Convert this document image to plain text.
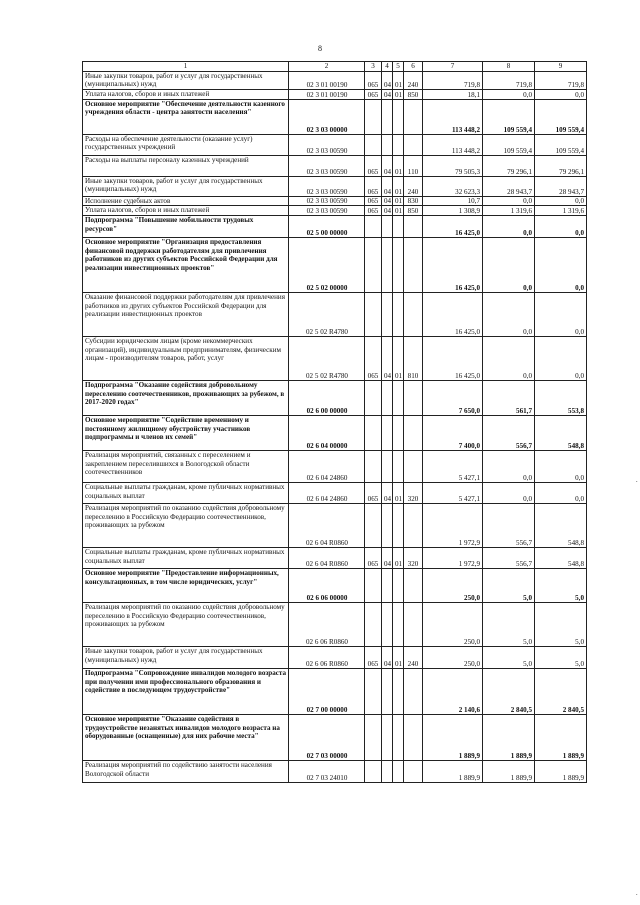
8
1	2	3	4	5	6	7	8	9
Иные закупки товаров, работ и услуг для государственных (муниципальных) нужд	02 3 01 00190	065	04	01	240	719,8	719,8	719,8
Уплата налогов, сборов и иных платежей	02 3 01 00190	065	04	01	850	18,1	0,0	0,0
Основное мероприятие "Обеспечение деятельности казенного учреждения области - центра занятости населения"	02 3 03 00000					113 448,2	109 559,4	109 559,4
Расходы на обеспечение деятельности (оказание услуг) государственных учреждений	02 3 03 00590					113 448,2	109 559,4	109 559,4
Расходы на выплаты персоналу казенных учреждений	02 3 03 00590	065	04	01	110	79 505,3	79 296,1	79 296,1
Иные закупки товаров, работ и услуг для государственных (муниципальных) нужд	02 3 03 00590	065	04	01	240	32 623,3	28 943,7	28 943,7
Исполнение судебных актов	02 3 03 00590	065	04	01	830	10,7	0,0	0,0
Уплата налогов, сборов и иных платежей	02 3 03 00590	065	04	01	850	1 308,9	1 319,6	1 319,6
Подпрограмма "Повышение мобильности трудовых ресурсов"	02 5 00 00000					16 425,0	0,0	0,0
Основное мероприятие "Организация предоставления финансовой поддержки работодателям для привлечения работников из других субъектов Российской Федерации для реализации инвестиционных проектов"	02 5 02 00000					16 425,0	0,0	0,0
Оказание финансовой поддержки работодателям для привлечения работников из других субъектов Российской Федерации для реализации инвестиционных проектов	02 5 02 R4780					16 425,0	0,0	0,0
Субсидии юридическим лицам (кроме некоммерческих организаций), индивидуальным предпринимателям, физическим лицам - производителям товаров, работ, услуг	02 5 02 R4780	065	04	01	810	16 425,0	0,0	0,0
Подпрограмма "Оказание содействия добровольному переселению соотечественников, проживающих за рубежом, в 2017-2020 годах"	02 6 00 00000					7 650,0	561,7	553,8
Основное мероприятие "Содействие временному и постоянному жилищному обустройству участников подпрограммы и членов их семей"	02 6 04 00000					7 400,0	556,7	548,8
Реализация мероприятий, связанных с переселением и закреплением переселившихся в Вологодской области соотечественников	02 6 04 24860					5 427,1	0,0	0,0
Социальные выплаты гражданам, кроме публичных нормативных социальных выплат	02 6 04 24860	065	04	01	320	5 427,1	0,0	0,0
Реализация мероприятий по оказанию содействия добровольному переселению в Российскую Федерацию соотечественников, проживающих за рубежом	02 6 04 R0860					1 972,9	556,7	548,8
Социальные выплаты гражданам, кроме публичных нормативных социальных выплат	02 6 04 R0860	065	04	01	320	1 972,9	556,7	548,8
Основное мероприятие "Предоставление информационных, консультационных, в том числе юридических, услуг"	02 6 06 00000					250,0	5,0	5,0
Реализация мероприятий по оказанию содействия добровольному переселению в Российскую Федерацию соотечественников, проживающих за рубежом	02 6 06 R0860					250,0	5,0	5,0
Иные закупки товаров, работ и услуг для государственных (муниципальных) нужд	02 6 06 R0860	065	04	01	240	250,0	5,0	5,0
Подпрограмма "Сопровождение инвалидов молодого возраста при получении ими профессионального образования и содействие в последующем трудоустройстве"	02 7 00 00000					2 140,6	2 840,5	2 840,5
Основное мероприятие "Оказание содействия в трудоустройстве незанятых инвалидов молодого возраста на оборудованные (оснащенные) для них рабочие места"	02 7 03 00000					1 889,9	1 889,9	1 889,9
Реализация мероприятий по содействию занятости населения Вологодской области	02 7 03 24010					1 889,9	1 889,9	1 889,9
·
·
